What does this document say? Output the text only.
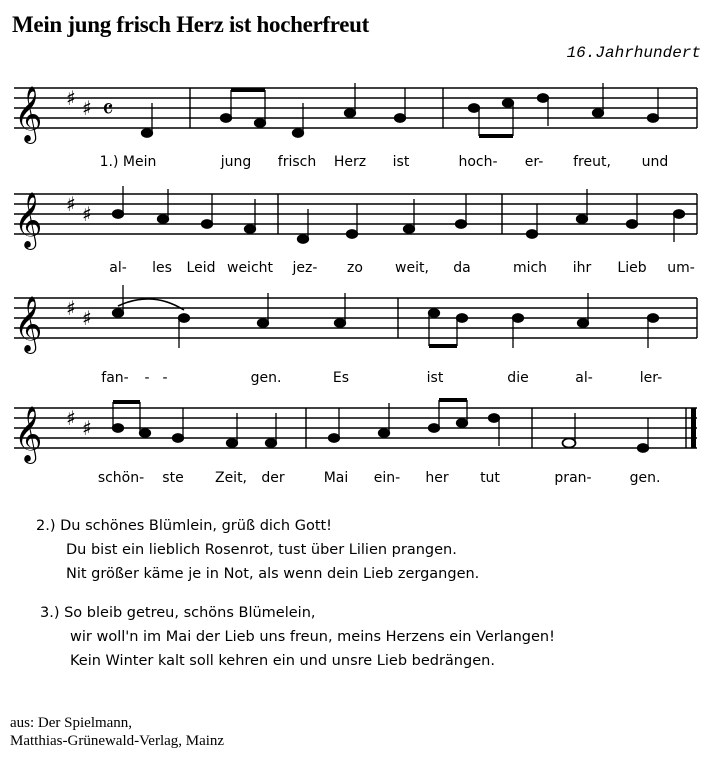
Mein jung frisch Herz ist hocherfreut
16.Jahrhundert
𝄞 ♯ ♯ 𝄴
1.) Mein	jung frisch Herz ist	hoch- er- freut, und
𝄞 ♯ ♯
al- les Leid weicht jez- zo weit, da	mich ihr Lieb um-
𝄞 ♯ ♯
fan- - -	gen.	Es	ist	die	al-	ler-
𝄞 ♯ ♯
schön- ste Zeit, der	Mai ein- her tut	pran-	gen.
2.) Du schönes Blümlein, grüß dich Gott!
Du bist ein lieblich Rosenrot, tust über Lilien prangen.
Nit größer käme je in Not, als wenn dein Lieb zergangen.
3.) So bleib getreu, schöns Blümelein,
wir woll'n im Mai der Lieb uns freun, meins Herzens ein Verlangen!
Kein Winter kalt soll kehren ein und unsre Lieb bedrängen.
aus: Der Spielmann,
Matthias-Grünewald-Verlag, Mainz
